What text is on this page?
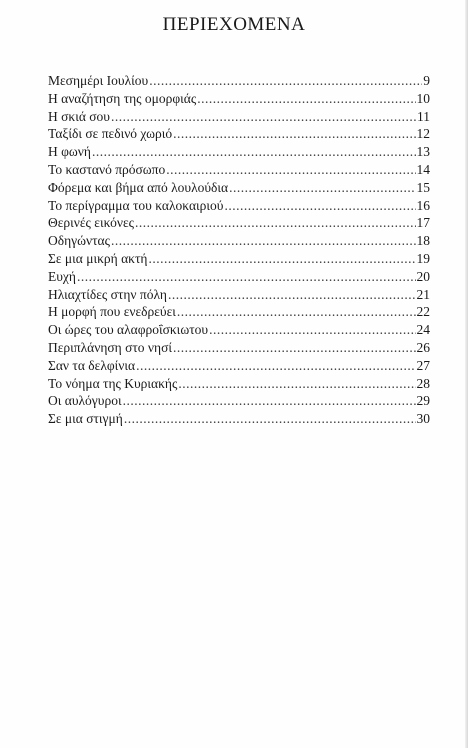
ΠΕΡΙΕΧΟΜΕΝΑ
Μεσημέρι Ιουλίου .....	9
Η αναζήτηση της ομορφιάς .....	10
Η σκιά σου .....	11
Ταξίδι σε πεδινό χωριό .....	12
Η φωνή .....	13
Το καστανό πρόσωπο .....	14
Φόρεμα και βήμα από λουλούδια .....	15
Το περίγραμμα του καλοκαιριού .....	16
Θερινές εικόνες .....	17
Οδηγώντας .....	18
Σε μια μικρή ακτή .....	19
Ευχή .....	20
Ηλιαχτίδες στην πόλη .....	21
Η μορφή που ενεδρεύει .....	22
Οι ώρες του αλαφροΐσκιωτου .....	24
Περιπλάνηση στο νησί .....	26
Σαν τα δελφίνια .....	27
Το νόημα της Κυριακής .....	28
Οι αυλόγυροι .....	29
Σε μια στιγμή .....	30
